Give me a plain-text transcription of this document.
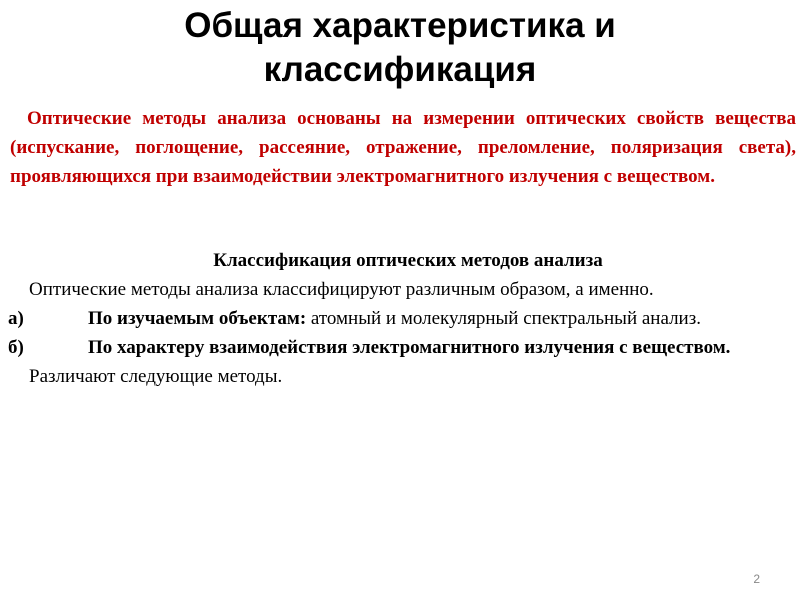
Общая характеристика и
классификация

Оптические методы анализа основаны на измерении оптических свойств вещества (испускание, поглощение, рассеяние, отражение, преломление, поляризация света), проявляющихся при взаимодействии электромагнитного излучения с веществом.

Классификация оптических методов анализа

Оптические методы анализа классифицируют различным образом, а именно.

а)	По изучаемым объектам: атомный и молекулярный спектральный анализ.

б)	По характеру взаимодействия электромагнитного излучения с веществом.

Различают следующие методы.

2
